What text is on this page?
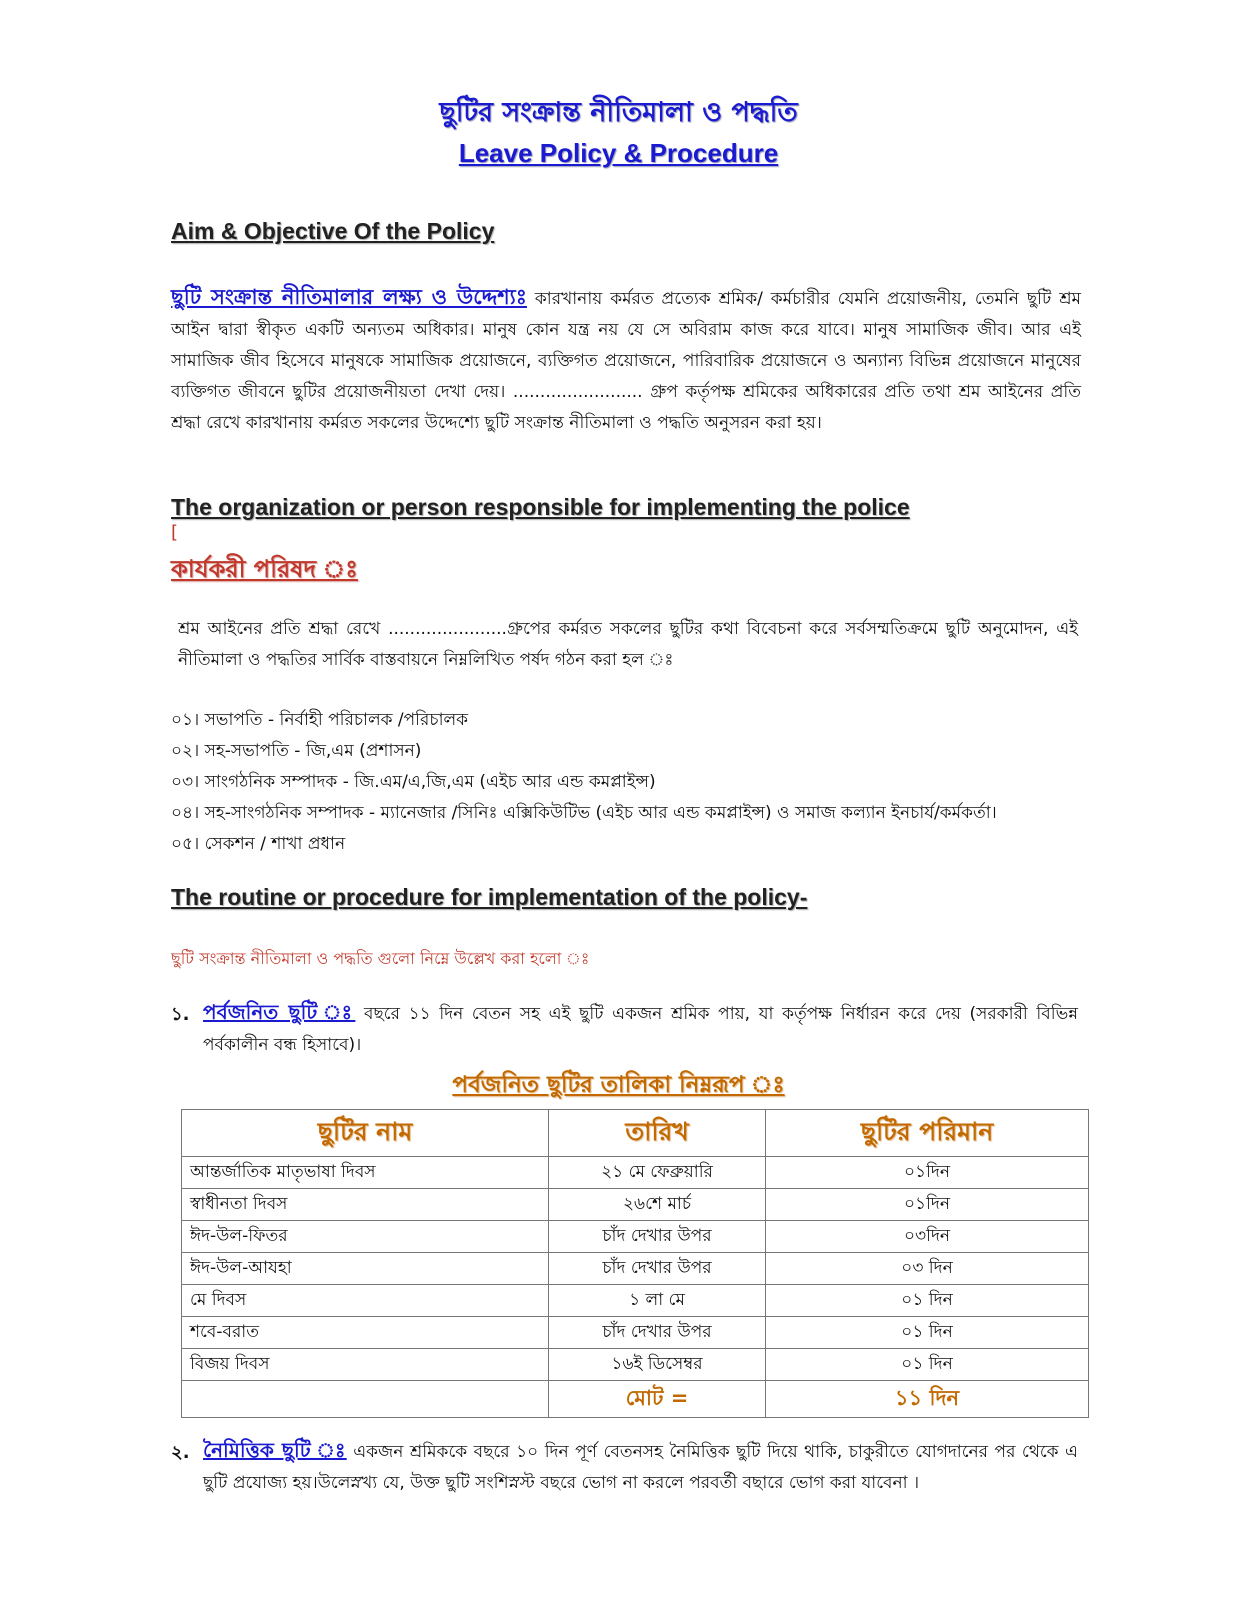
ছুটির সংক্রান্ত নীতিমালা ও পদ্ধতি
Leave Policy & Procedure
Aim & Objective Of the Policy
ছুটি সংক্রান্ত নীতিমালার লক্ষ্য ও উদ্দেশ্যঃ কারখানায় কর্মরত প্রত্যেক শ্রমিক/ কর্মচারীর যেমনি প্রয়োজনীয়, তেমনি ছুটি শ্রম আইন দ্বারা স্বীকৃত একটি অন্যতম অধিকার। মানুষ কোন যন্ত্র নয় যে সে অবিরাম কাজ করে যাবে। মানুষ সামাজিক জীব। আর এই সামাজিক জীব হিসেবে মানুষকে সামাজিক প্রয়োজনে, ব্যক্তিগত প্রয়োজনে, পারিবারিক প্রয়োজনে ও অন্যান্য বিভিন্ন প্রয়োজনে মানুষের ব্যক্তিগত জীবনে ছুটির প্রয়োজনীয়তা দেখা দেয়। ........................ গ্রুপ কর্তৃপক্ষ শ্রমিকের অধিকারের প্রতি তথা শ্রম আইনের প্রতি শ্রদ্ধা রেখে কারখানায় কর্মরত সকলের উদ্দেশ্যে ছুটি সংক্রান্ত নীতিমালা ও পদ্ধতি অনুসরন করা হয়।
The organization or person responsible for implementing the police
[
কার্যকরী পরিষদ ঃ
শ্রম আইনের প্রতি শ্রদ্ধা রেখে ......................গ্রুপের কর্মরত সকলের ছুটির কথা বিবেচনা করে সর্বসম্মতিক্রমে ছুটি অনুমোদন, এই নীতিমালা ও পদ্ধতির সার্বিক বাস্তবায়নে নিম্নলিখিত পর্ষদ গঠন করা হল ঃ
০১। সভাপতি - নির্বাহী পরিচালক /পরিচালক
০২। সহ-সভাপতি - জি,এম (প্রশাসন)
০৩। সাংগঠনিক সম্পাদক - জি.এম/এ,জি,এম (এইচ আর এন্ড কমপ্লাইন্স)
০৪। সহ-সাংগঠনিক সম্পাদক - ম্যানেজার /সিনিঃ এক্সিকিউটিভ (এইচ আর এন্ড কমপ্লাইন্স) ও সমাজ কল্যান ইনচার্য/কর্মকর্তা।
০৫। সেকশন / শাখা প্রধান
The routine or procedure for implementation of the policy-
ছুটি সংক্রান্ত নীতিমালা ও পদ্ধতি গুলো নিম্নে উল্লেখ করা হলো ঃ
১. পর্বজনিত ছুটি ঃ বছরে ১১ দিন বেতন সহ এই ছুটি একজন শ্রমিক পায়, যা কর্তৃপক্ষ নির্ধারন করে দেয় (সরকারী বিভিন্ন পর্বকালীন বন্ধ হিসাবে)।
পর্বজনিত ছুটির তালিকা নিম্নরূপ ঃ
ছুটির নাম	তারিখ	ছুটির পরিমান
আন্তর্জাতিক মাতৃভাষা দিবস	২১ মে ফেব্রুয়ারি	০১দিন
স্বাধীনতা দিবস	২৬শে মার্চ	০১দিন
ঈদ-উল-ফিতর	চাঁদ দেখার উপর	০৩দিন
ঈদ-উল-আযহা	চাঁদ দেখার উপর	০৩ দিন
মে দিবস	১ লা মে	০১ দিন
শবে-বরাত	চাঁদ দেখার উপর	০১ দিন
বিজয় দিবস	১৬ই ডিসেম্বর	০১ দিন
	মোট =	১১ দিন
২. নৈমিত্তিক ছুটি ঃ একজন শ্রমিককে বছরে ১০ দিন পূর্ণ বেতনসহ নৈমিত্তিক ছুটি দিয়ে থাকি, চাকুরীতে যোগদানের পর থেকে এ ছুটি প্রযোজ্য হয়।উলেস্নখ্য যে, উক্ত ছুটি সংশিস্নস্ট বছরে ভোগ না করলে পরবর্তী বছারে ভোগ করা যাবেনা ।
